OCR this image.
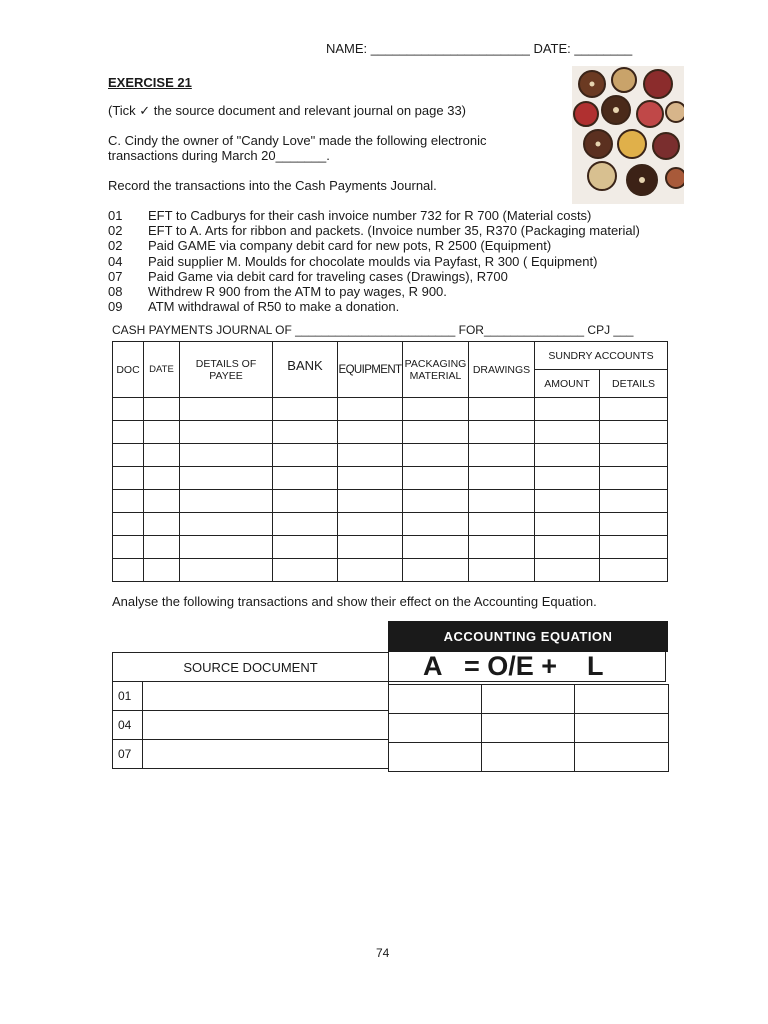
NAME: ______________________ DATE: ________
EXERCISE 21
(Tick ✓ the source document and relevant journal on page 33)
C. Cindy the owner of "Candy Love" made the following electronic
transactions during March 20_______.
Record the transactions into the Cash Payments Journal.
01 EFT to Cadburys for their cash invoice number 732 for R 700 (Material costs)
02 EFT to A. Arts for ribbon and packets. (Invoice number 35, R370 (Packaging material)
02 Paid GAME via company debit card for new pots, R 2500 (Equipment)
04 Paid supplier M. Moulds for chocolate moulds via Payfast, R 300 ( Equipment)
07 Paid Game via debit card for traveling cases (Drawings), R700
08 Withdrew R 900 from the ATM to pay wages, R 900.
09 ATM withdrawal of R50 to make a donation.
CASH PAYMENTS JOURNAL OF ________________________ FOR_______________ CPJ ___
DOC	DATE	DETAILS OF PAYEE	BANK	EQUIPMENT	PACKAGING MATERIAL	DRAWINGS	SUNDRY ACCOUNTS	
							AMOUNT	DETAILS

Analyse the following transactions and show their effect on the Accounting Equation.
ACCOUNTING EQUATION
A   = O/E +    L
SOURCE DOCUMENT	
01	
04	
07	

74
